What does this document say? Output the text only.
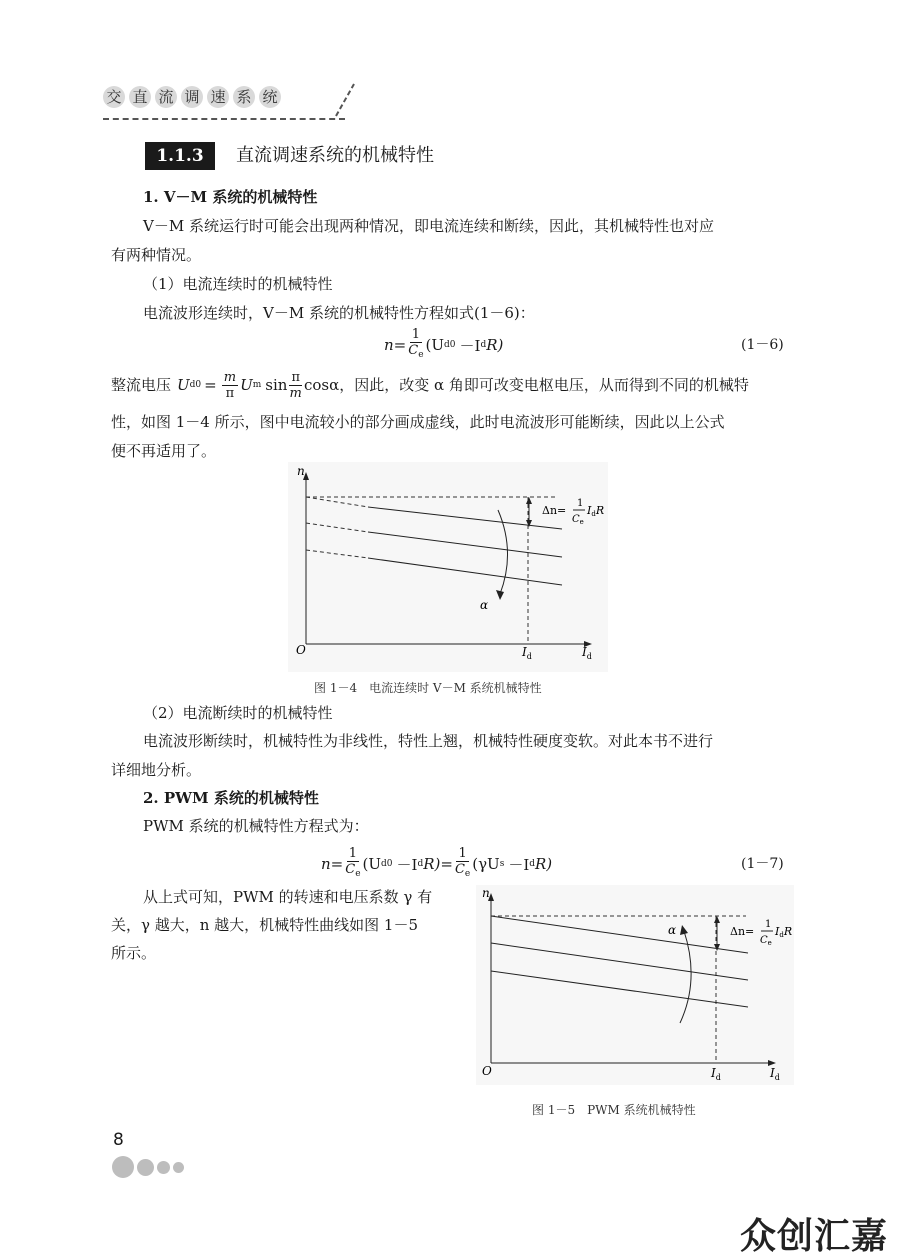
交 直 流 调 速 系 统
1.1.3	直流调速系统的机械特性
1. V－M 系统的机械特性
V－M 系统运行时可能会出现两种情况，即电流连续和断续，因此，其机械特性也对应
有两种情况。
（1）电流连续时的机械特性
电流波形连续时，V－M 系统的机械特性方程如式(1－6)：
$n= \frac{1}{C_e} (U$ d0 －I d R)	(1－6)
整流电压 U $d0 = \frac{m}{\pi}$ U m $\sin \frac{\pi}{m}$ cosα，因此，改变 α 角即可改变电枢电压，从而得到不同的机械特
性，如图 1－4 所示，图中电流较小的部分画成虚线，此时电流波形可能断续，因此以上公式
便不再适用了。
n
O	$I_d$
$I_d$
α
Δn=
1
$C_e$
IdR
图 1－4　电流连续时 V－M 系统机械特性
（2）电流断续时的机械特性
电流波形断续时，机械特性为非线性，特性上翘，机械特性硬度变软。对此本书不进行
详细地分析。
2. PWM 系统的机械特性
PWM 系统的机械特性方程式为：
$n= \frac{1}{C_e} (U$ d0 －I d $R)= \frac{1}{C_e} (\gamma U$ s －I d R)	(1－7)
从上式可知，PWM 的转速和电压系数 γ 有
关，γ 越大，n 越大，机械特性曲线如图 1－5
所示。
n
O	$I_d$
$I_d$
α	Δn=
1
$C_e$
IdR
图 1－5　PWM 系统机械特性
8
众创汇嘉
